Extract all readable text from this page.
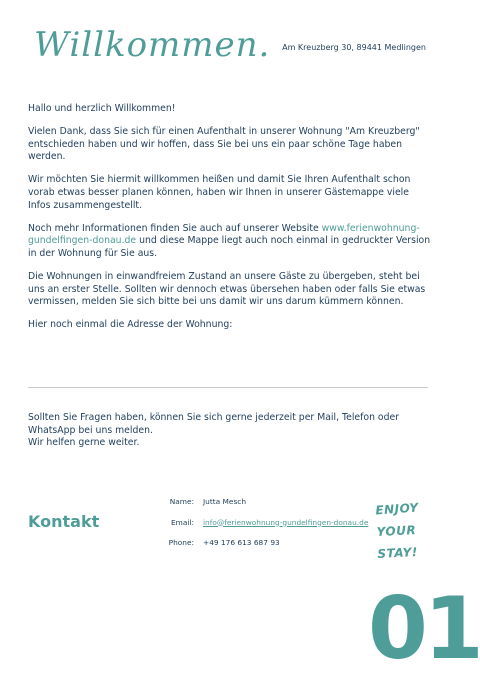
Willkommen. Am Kreuzberg 30, 89441 Medlingen

Hallo und herzlich Willkommen!

Vielen Dank, dass Sie sich für einen Aufenthalt in unserer Wohnung "Am Kreuzberg" entschieden haben und wir hoffen, dass Sie bei uns ein paar schöne Tage haben werden.

Wir möchten Sie hiermit willkommen heißen und damit Sie Ihren Aufenthalt schon vorab etwas besser planen können, haben wir Ihnen in unserer Gästemappe viele Infos zusammengestellt.

Noch mehr Informationen finden Sie auch auf unserer Website www.ferienwohnung-gundelfingen-donau.de und diese Mappe liegt auch noch einmal in gedruckter Version in der Wohnung für Sie aus.

Die Wohnungen in einwandfreiem Zustand an unsere Gäste zu übergeben, steht bei uns an erster Stelle. Sollten wir dennoch etwas übersehen haben oder falls Sie etwas vermissen, melden Sie sich bitte bei uns damit wir uns darum kümmern können.

Hier noch einmal die Adresse der Wohnung:

Sollten Sie Fragen haben, können Sie sich gerne jederzeit per Mail, Telefon oder

WhatsApp bei uns melden.

Wir helfen gerne weiter.

Kontakt
Name: Jutta Mesch
Email: info@ferienwohnung-gundelfingen-donau.de
Phone: +49 176 613 687 93
ENJOY
YOUR STAY!
01
